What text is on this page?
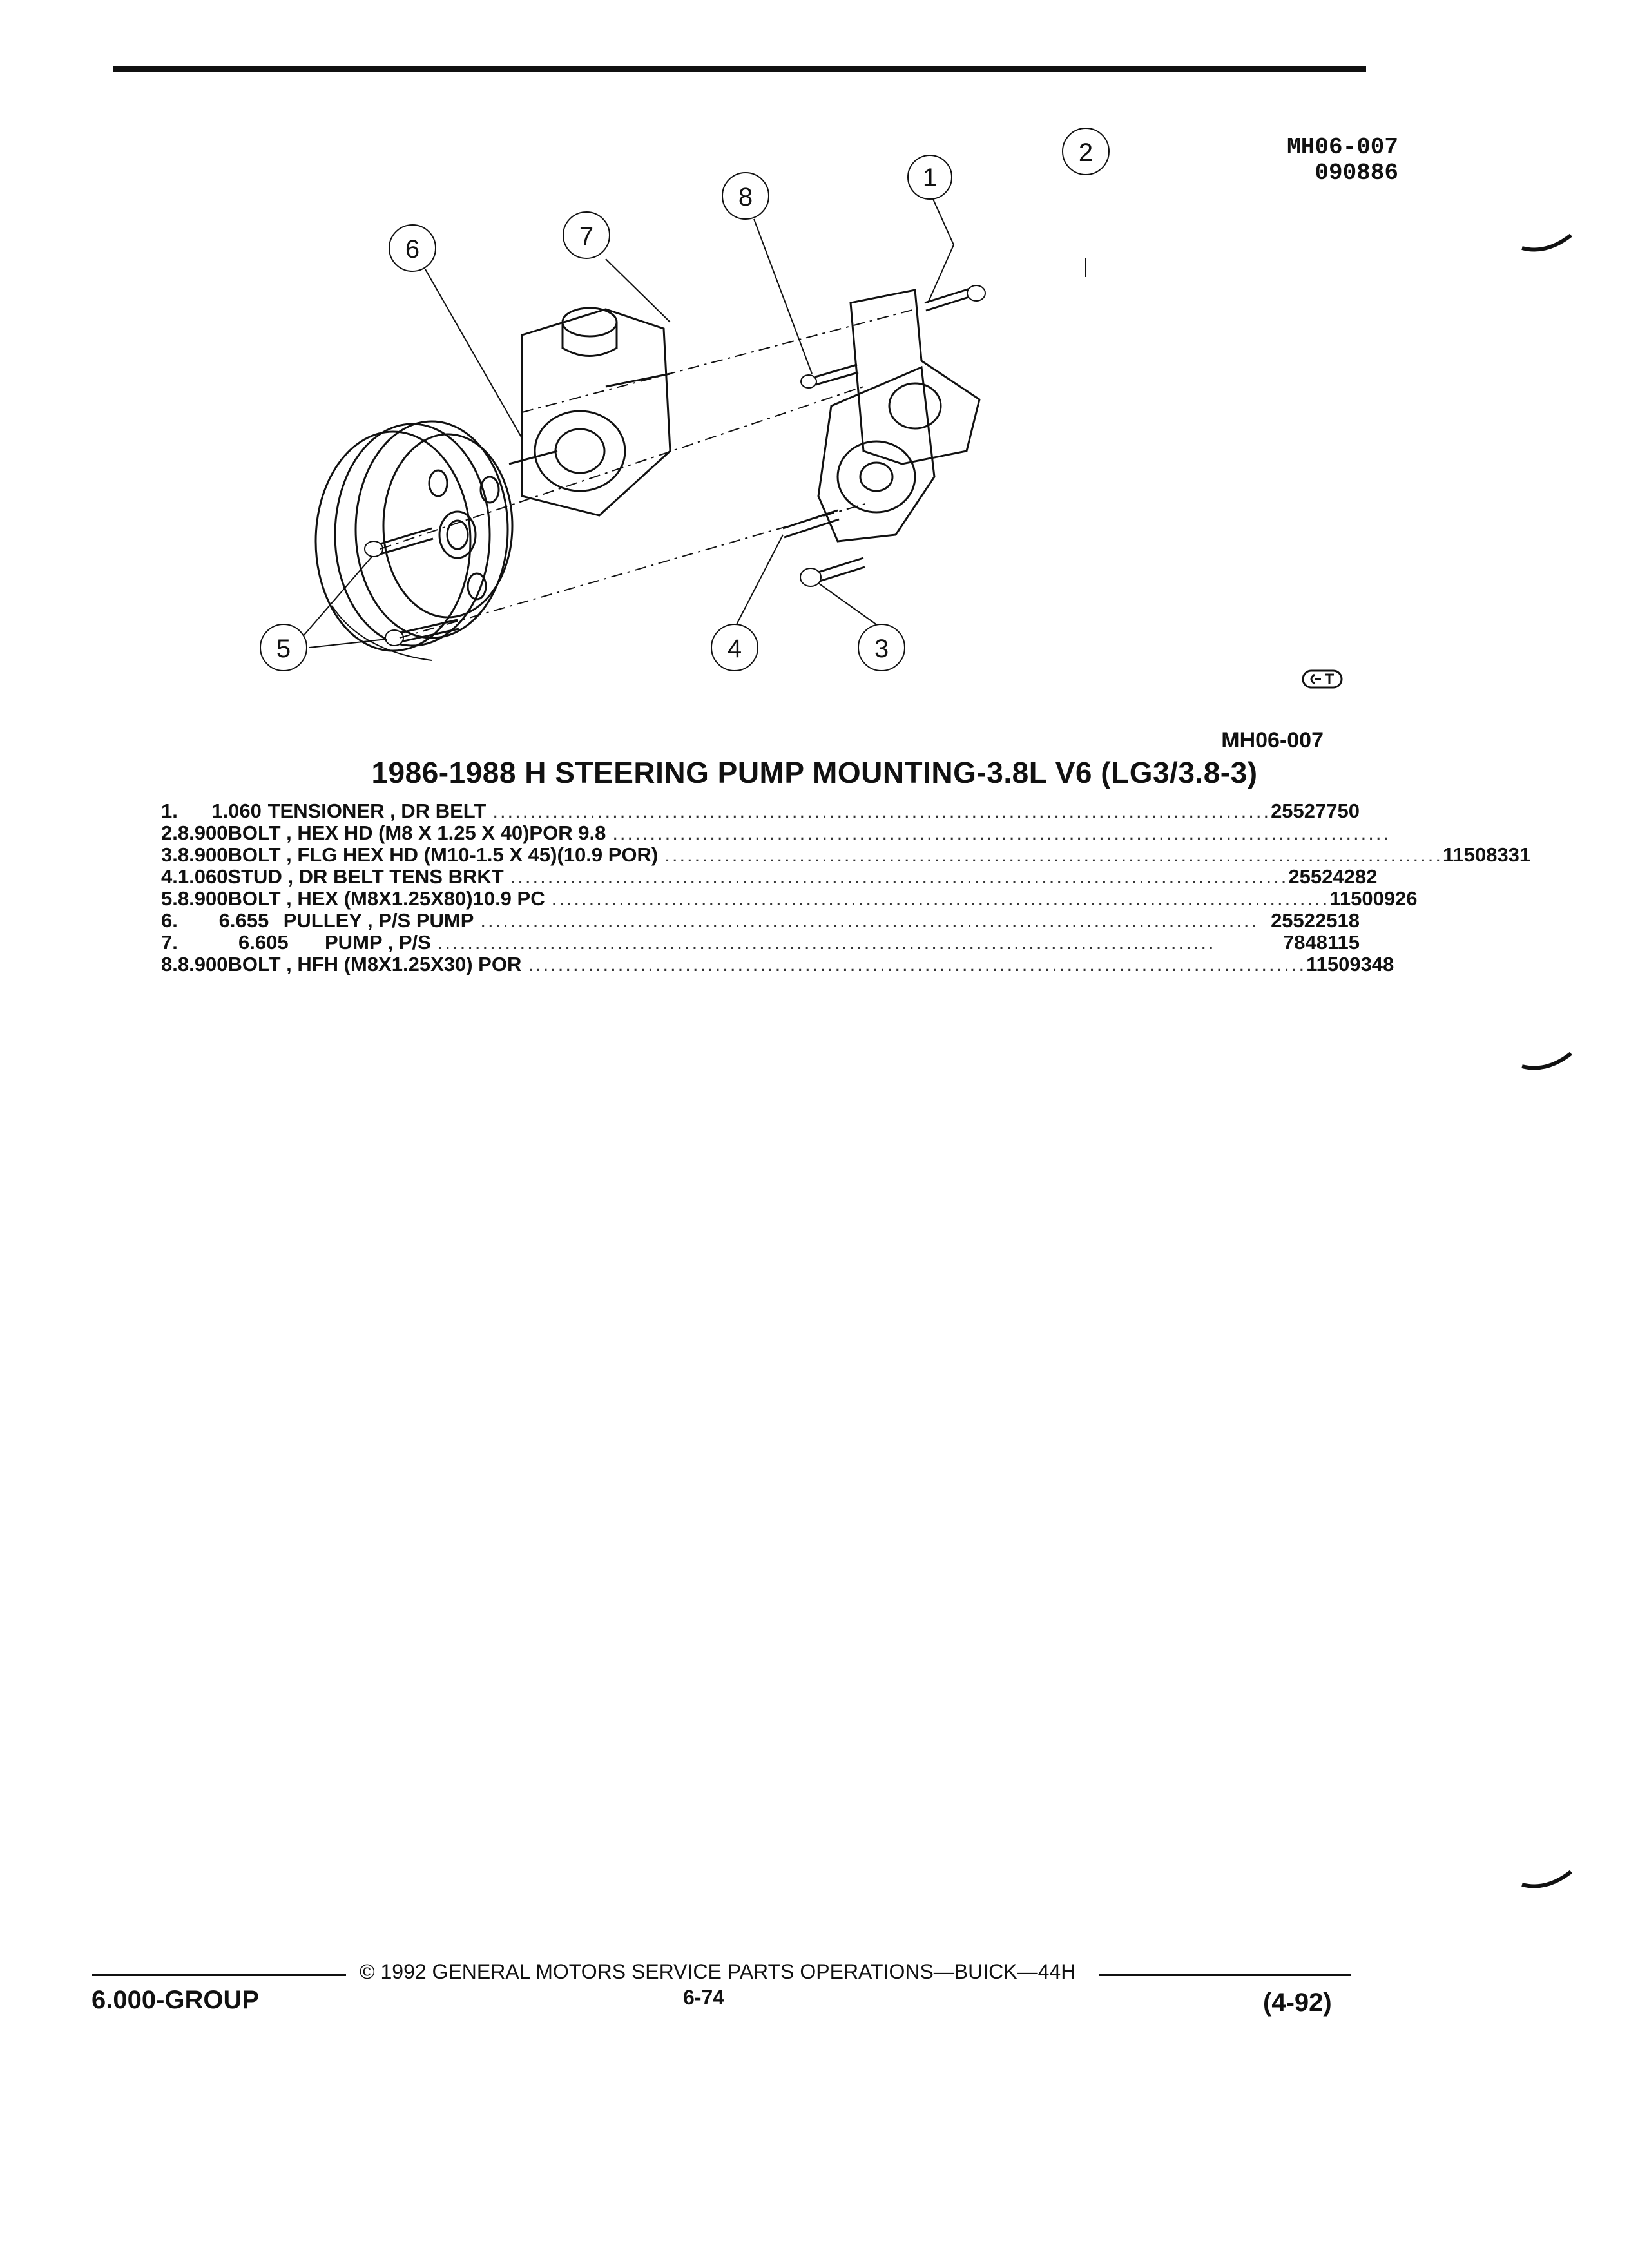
MH06-007
090886
1
2
3
4
5
6	7
8
MH06-007
1986-1988 H STEERING PUMP MOUNTING-3.8L V6 (LG3/3.8-3)
1.	1.060 TENSIONER , DR BELT ........................................................................................................ 25527750
2. 8.900 BOLT , HEX HD (M8 X 1.25 X 40)POR 9.8 ........................................................................................................
3. 8.900 BOLT , FLG HEX HD (M10-1.5 X 45)(10.9 POR) ........................................................................................................ 11508331
4. 1.060 STUD , DR BELT TENS BRKT ........................................................................................................ 25524282
5. 8.900 BOLT , HEX (M8X1.25X80)10.9 PC ........................................................................................................ 11500926
6.	6.655 PULLEY , P/S PUMP ........................................................................................................ 25522518
7.	6.605	PUMP , P/S ........................................................................................................	7848115
8. 8.900 BOLT , HFH (M8X1.25X30) POR ........................................................................................................ 11509348
© 1992 GENERAL MOTORS SERVICE PARTS OPERATIONS—BUICK—44H
6.000-GROUP	6-74	(4-92)
